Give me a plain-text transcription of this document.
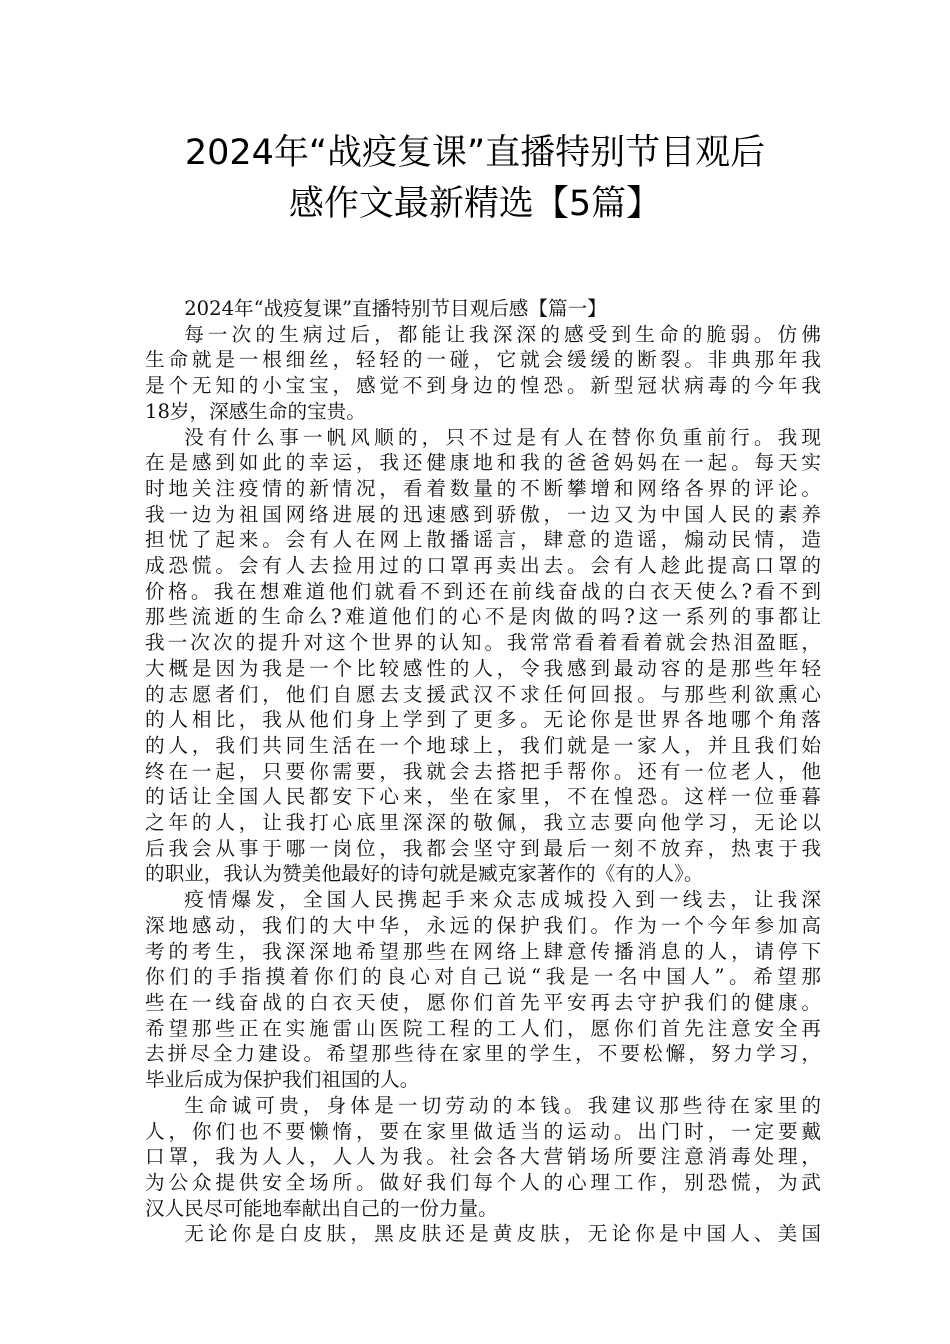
2024年“战疫复课”直播特别节目观后
感作文最新精选【5篇】
2024年“战疫复课”直播特别节目观后感【篇一】
每一次的生病过后，都能让我深深的感受到生命的脆弱。仿佛
生命就是一根细丝，轻轻的一碰，它就会缓缓的断裂。非典那年我
是个无知的小宝宝，感觉不到身边的惶恐。新型冠状病毒的今年我
18岁，深感生命的宝贵。
没有什么事一帆风顺的，只不过是有人在替你负重前行。我现
在是感到如此的幸运，我还健康地和我的爸爸妈妈在一起。每天实
时地关注疫情的新情况，看着数量的不断攀增和网络各界的评论。
我一边为祖国网络进展的迅速感到骄傲，一边又为中国人民的素养
担忧了起来。会有人在网上散播谣言，肆意的造谣，煽动民情，造
成恐慌。会有人去捡用过的口罩再卖出去。会有人趁此提高口罩的
价格。我在想难道他们就看不到还在前线奋战的白衣天使么?看不到
那些流逝的生命么?难道他们的心不是肉做的吗?这一系列的事都让
我一次次的提升对这个世界的认知。我常常看着看着就会热泪盈眶，
大概是因为我是一个比较感性的人，令我感到最动容的是那些年轻
的志愿者们，他们自愿去支援武汉不求任何回报。与那些利欲熏心
的人相比，我从他们身上学到了更多。无论你是世界各地哪个角落
的人，我们共同生活在一个地球上，我们就是一家人，并且我们始
终在一起，只要你需要，我就会去搭把手帮你。还有一位老人，他
的话让全国人民都安下心来，坐在家里，不在惶恐。这样一位垂暮
之年的人，让我打心底里深深的敬佩，我立志要向他学习，无论以
后我会从事于哪一岗位，我都会坚守到最后一刻不放弃，热衷于我
的职业，我认为赞美他最好的诗句就是臧克家著作的《有的人》。
疫情爆发，全国人民携起手来众志成城投入到一线去，让我深
深地感动，我们的大中华，永远的保护我们。作为一个今年参加高
考的考生，我深深地希望那些在网络上肆意传播消息的人，请停下
你们的手指摸着你们的良心对自己说“我是一名中国人”。希望那
些在一线奋战的白衣天使，愿你们首先平安再去守护我们的健康。
希望那些正在实施雷山医院工程的工人们，愿你们首先注意安全再
去拼尽全力建设。希望那些待在家里的学生，不要松懈，努力学习，
毕业后成为保护我们祖国的人。
生命诚可贵，身体是一切劳动的本钱。我建议那些待在家里的
人，你们也不要懒惰，要在家里做适当的运动。出门时，一定要戴
口罩，我为人人，人人为我。社会各大营销场所要注意消毒处理，
为公众提供安全场所。做好我们每个人的心理工作，别恐慌，为武
汉人民尽可能地奉献出自己的一份力量。
无论你是白皮肤，黑皮肤还是黄皮肤，无论你是中国人、美国
